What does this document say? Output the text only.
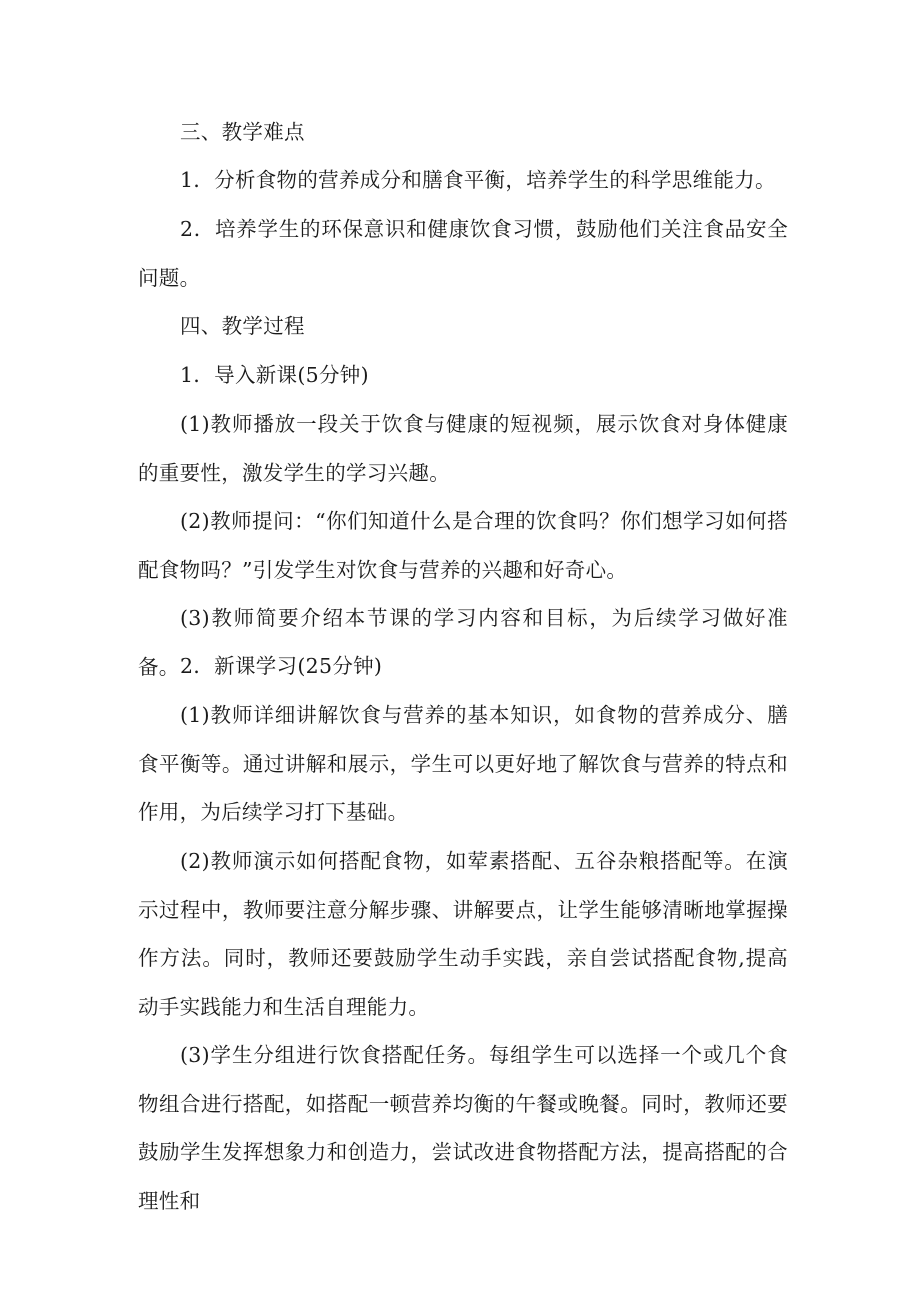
三、教学难点

1．分析食物的营养成分和膳食平衡，培养学生的科学思维能力。

2．培养学生的环保意识和健康饮食习惯，鼓励他们关注食品安全问题。

四、教学过程

1．导入新课(5分钟)

(1)教师播放一段关于饮食与健康的短视频，展示饮食对身体健康的重要性，激发学生的学习兴趣。

(2)教师提问：“你们知道什么是合理的饮食吗？你们想学习如何搭配食物吗？”引发学生对饮食与营养的兴趣和好奇心。

(3)教师简要介绍本节课的学习内容和目标，为后续学习做好准备。 2．新课学习(25分钟)

(1)教师详细讲解饮食与营养的基本知识，如食物的营养成分、膳食平衡等。通过讲解和展示，学生可以更好地了解饮食与营养的特点和作用，为后续学习打下基础。

(2)教师演示如何搭配食物，如荤素搭配、五谷杂粮搭配等。在演示过程中，教师要注意分解步骤、讲解要点，让学生能够清晰地掌握操作方法。同时，教师还要鼓励学生动手实践，亲自尝试搭配食物,提高动手实践能力和生活自理能力。

(3)学生分组进行饮食搭配任务。每组学生可以选择一个或几个食物组合进行搭配，如搭配一顿营养均衡的午餐或晚餐。同时，教师还要鼓励学生发挥想象力和创造力，尝试改进食物搭配方法，提高搭配的合理性和
